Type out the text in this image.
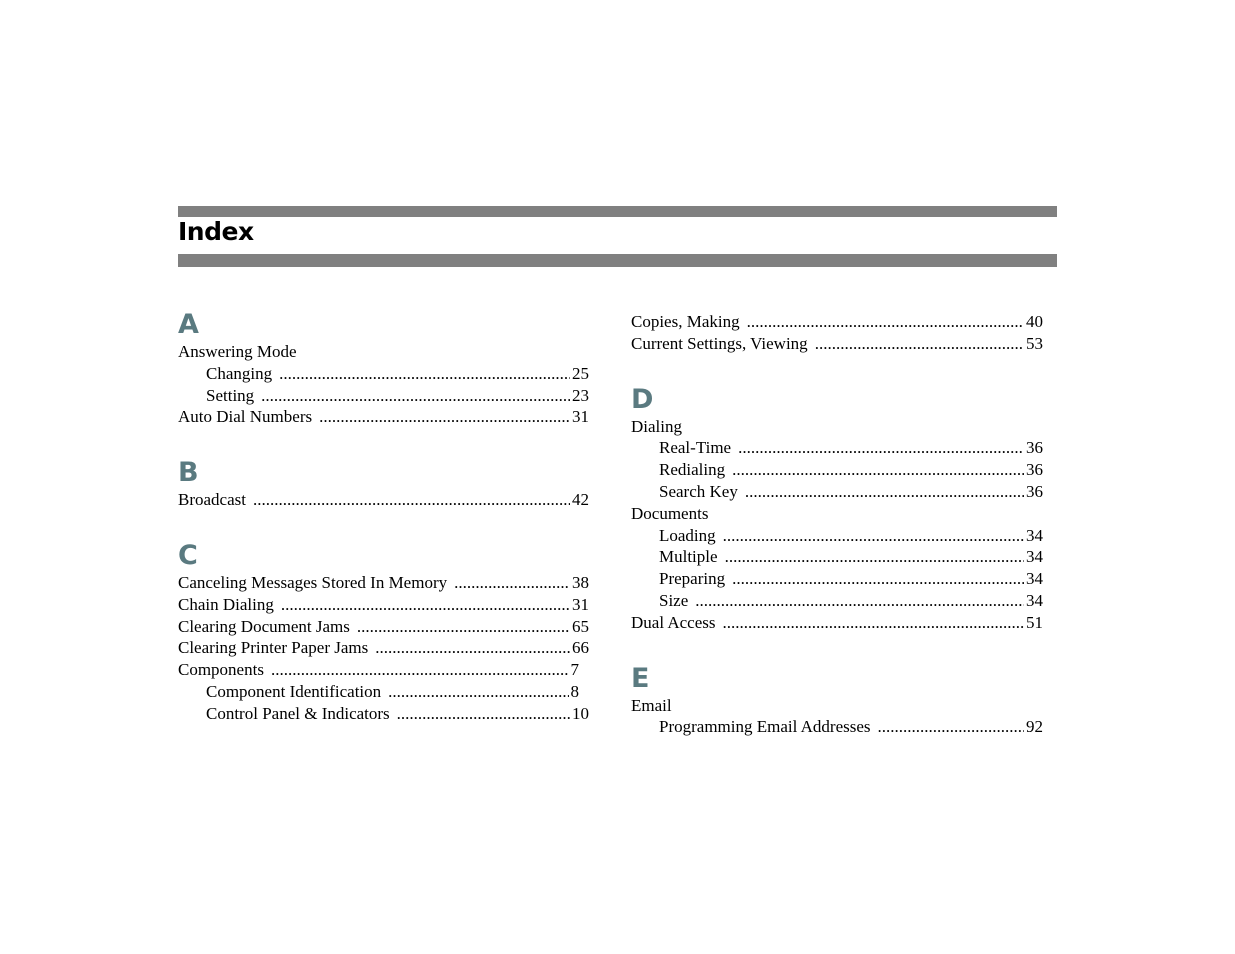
Index
A
Answering Mode
Changing .....	25
Setting .....	23
Auto Dial Numbers .....	31
B
Broadcast .....	42
C
Canceling Messages Stored In Memory .....	38
Chain Dialing .....	31
Clearing Document Jams .....	65
Clearing Printer Paper Jams .....	66
Components .....	7
Component Identification .....	8
Control Panel & Indicators .....	10
Copies, Making .....	40
Current Settings, Viewing .....	53
D
Dialing
Real-Time .....	36
Redialing .....	36
Search Key .....	36
Documents
Loading .....	34
Multiple .....	34
Preparing .....	34
Size .....	34
Dual Access .....	51
E
Email
Programming Email Addresses .....	92
